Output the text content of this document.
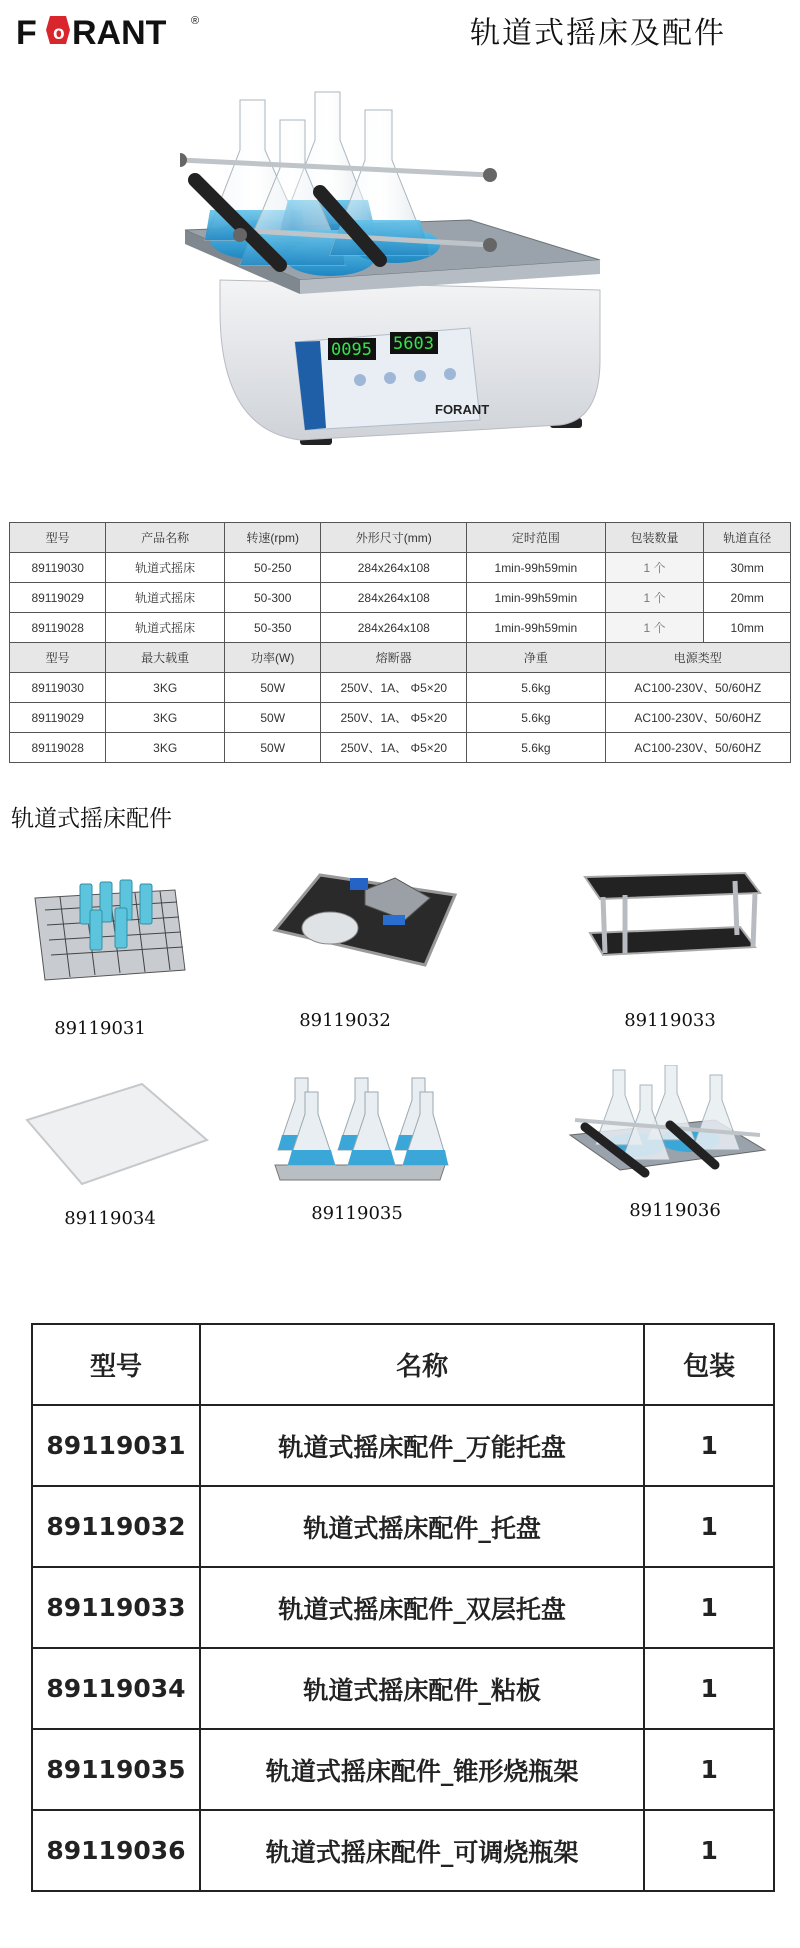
F o RANT ®	轨道式摇床及配件
0095 5603
FORANT
型号	产品名称	转速(rpm)	外形尺寸(mm)	定时范围	包装数量	轨道直径
89119030	轨道式摇床	50-250	284x264x108	1min-99h59min	1 个	30mm
89119029	轨道式摇床	50-300	284x264x108	1min-99h59min	1 个	20mm
89119028	轨道式摇床	50-350	284x264x108	1min-99h59min	1 个	10mm
型号	最大载重	功率(W)	熔断器	净重	电源类型	
89119030	3KG	50W	250V、1A、 Φ5×20	5.6kg	AC100-230V、50/60HZ	
89119029	3KG	50W	250V、1A、 Φ5×20	5.6kg	AC100-230V、50/60HZ	
89119028	3KG	50W	250V、1A、 Φ5×20	5.6kg	AC100-230V、50/60HZ	
轨道式摇床配件
89119031	89119032	89119033
89119034	89119035	89119036
型号	名称	包装
89119031	轨道式摇床配件_万能托盘	1
89119032	轨道式摇床配件_托盘	1
89119033	轨道式摇床配件_双层托盘	1
89119034	轨道式摇床配件_粘板	1
89119035	轨道式摇床配件_锥形烧瓶架	1
89119036	轨道式摇床配件_可调烧瓶架	1
